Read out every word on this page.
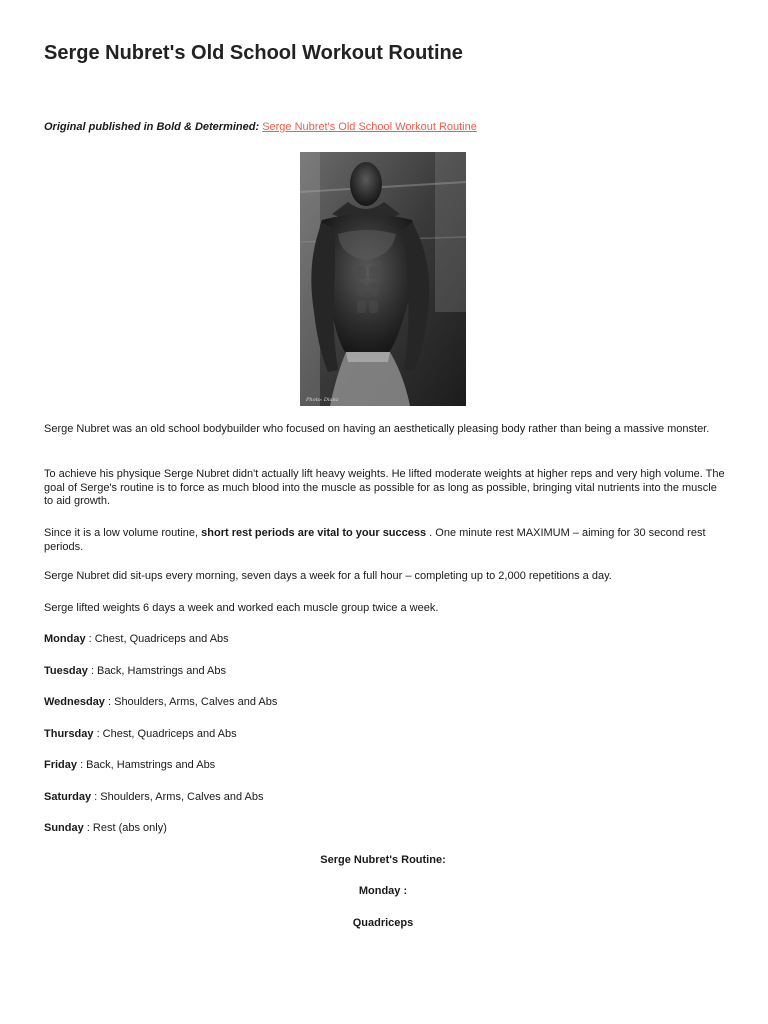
Serge Nubret's Old School Workout Routine
Original published in Bold & Determined: Serge Nubret's Old School Workout Routine
Photo: Dianz

Serge Nubret was an old school bodybuilder who focused on having an aesthetically pleasing body rather than being a massive monster.

To achieve his physique Serge Nubret didn't actually lift heavy weights. He lifted moderate weights at higher reps and very high volume. The goal of Serge's routine is to force as much blood into the muscle as possible for as long as possible, bringing vital nutrients into the muscle to aid growth.

Since it is a low volume routine, short rest periods are vital to your success . One minute rest MAXIMUM – aiming for 30 second rest periods.

Serge Nubret did sit-ups every morning, seven days a week for a full hour – completing up to 2,000 repetitions a day.

Serge lifted weights 6 days a week and worked each muscle group twice a week.

Monday : Chest, Quadriceps and Abs
Tuesday : Back, Hamstrings and Abs
Wednesday : Shoulders, Arms, Calves and Abs
Thursday : Chest, Quadriceps and Abs
Friday : Back, Hamstrings and Abs
Saturday : Shoulders, Arms, Calves and Abs
Sunday : Rest (abs only)
Serge Nubret's Routine:
Monday :
Quadriceps
